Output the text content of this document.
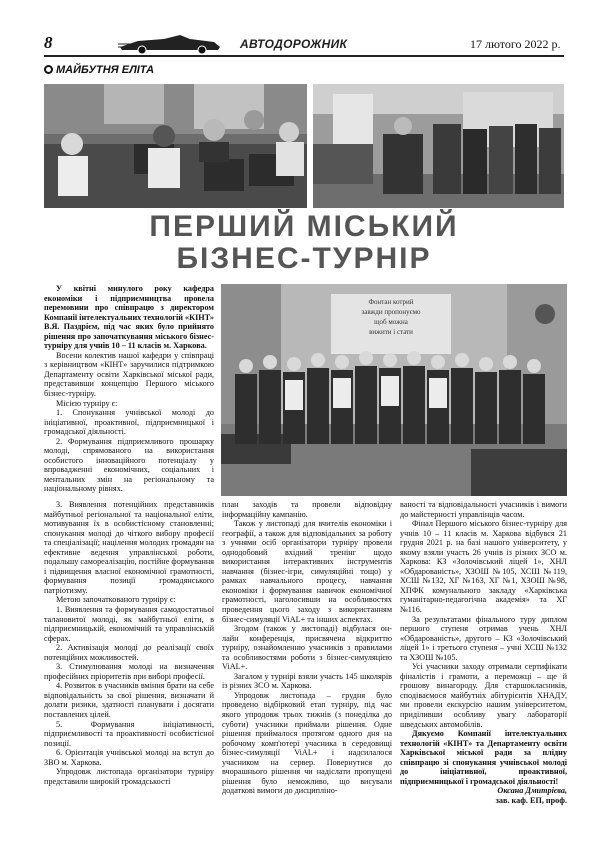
8	АВТОДОРОЖНИК	17 лютого 2022 р.
МАЙБУТНЯ ЕЛІТА
ПЕРШИЙ МІСЬКИЙ
БІЗНЕС-ТУРНІР
Фонтан котрий
завжди пропонуємо
щоб можна
вижити і стати

У квітні минулого року кафедра економіки і підприємництва провела перемовини про співпрацю з директором Компанії інтелектуальних технологій «КІНТ» В.Я. Паздрієм, під час яких було прийнято рішення про започаткування міського бізнес-турніру для учнів 10 – 11 класів м. Харкова.

Восени колектив нашої кафедри у співпраці з керівництвом «КІНТ» заручилися підтримкою Департаменту освіти Харківської міської ради, представивши концепцію Першого міського бізнес-турніру.

Місією турніру є:

1. Спонукання учнівської молоді до ініціативної, проактивної, підприємницької і громадської діяльності.

2. Формування підприємливого прошарку молоді, спрямованого на використання особистого інноваційного потенціалу у впровадженні економічних, соціальних і ментальних змін на регіональному та національному рівнях.

3. Виявлення потенційних представників майбутньої регіональної та національної еліти, мотивування їх в особистісному становленні; спонукання молоді до чіткого вибору професії та спеціалізації; націлення молодих громадян на ефективне ведення управлінської роботи, подальшу самореалізацію, постійне формування і підвищення власної економічної грамотності, формування позиції громадянського патріотизму.

Метою започаткованого турніру є:

1. Виявлення та формування самодостатньої талановитої молоді, як майбутньої еліти, в підприємницькій, економічній та управлінській сферах.

2. Активізація молоді до реалізації своїх потенційних можливостей.

3. Стимулювання молоді на визначення професійних пріоритетів при виборі професії.

4. Розвиток в учасників вміння брати на себе відповідальність за свої рішення, визначати й долати ризики, здатності планувати і досягати поставлених цілей.

5. Формування ініціативності, підприємливості та проактивності особистісної позиції.

6. Орієнтація учнівської молоді на вступ до ЗВО м. Харкова.

Упродовж листопада організатори турніру представили широкій громадськості

план заходів та провели відповідну інформаційну кампанію.

Також у листопаді для вчителів економіки і географії, а також для відповідальних за роботу з учнями осіб організатори турніру провели однодобовий вхідний тренінг щодо використання інтерактивних інструментів навчання (бізнес-ігри, симуляційні тощо) у рамках навчального процесу, навчання економіки і формування навичок економічної грамотності, наголосивши на особливостях проведення цього заходу з використанням бізнес-симуляції ViAL+ та інших аспектах.

Згодом (також у листопаді) відбулася он-лайн конференція, присвячена відкриттю турніру, ознайомленню учасників з правилами та особливостями роботи з бізнес-симуляцією ViAL+.

Загалом у турнірі взяли участь 145 школярів із різних ЗСО м. Харкова.

Упродовж листопада – грудня було проведено відбірковий етап турніру, під час якого упродовж трьох тижнів (з понеділка до суботи) учасники приймали рішення. Одне рішення приймалося протягом одного дня на робочому комп'ютері учасника в середовищі бізнес-симуляції ViAL+ і надсилалося учасником на сервер. Повернутися до вчорашнього рішення чи надіслати пропущені рішення було неможливо, що висували додаткові вимоги до дисципліно-

ваності та відповідальності учасників і вимоги до майстерності управлінців часом.

Фінал Першого міського бізнес-турніру для учнів 10 – 11 класів м. Харкова відбувся 21 грудня 2021 р. на базі нашого університету, у якому взяли участь 26 учнів із різних ЗСО м. Харкова: КЗ «Золочівський ліцей 1», ХНЛ «Обдарованість», ХЗОШ №105, ХСШ №119, ХСШ №132, ХГ №163, ХГ №1, ХЗОШ №98, ХПФК комунального закладу «Харківська гуманітарно-педагогічна академія» та ХГ №116.

За результатами фінального туру диплом першого ступеня отримав учень ХНЛ «Обдарованість», другого – КЗ «Золочівський ліцей 1» і третього ступеня – учні ХСШ №132 та ХЗОШ №105.

Усі учасники заходу отримали сертифікати фіналістів і грамоти, а переможці – ще й грошову винагороду. Для старшокласників, сподіваємося майбутніх абітурієнтів ХНАДУ, ми провели екскурсію нашим університетом, приділивши особливу увагу лабораторії шведських автомобілів.

Дякуємо Компанії інтелектуальних технологій «КІНТ» та Департаменту освіти Харківської міської ради за плідну співпрацю зі спонукання учнівської молоді до ініціативної, проактивної, підприємницької і громадської діяльності!

Оксана Дмитрієва,

зав. каф. ЕП, проф.
